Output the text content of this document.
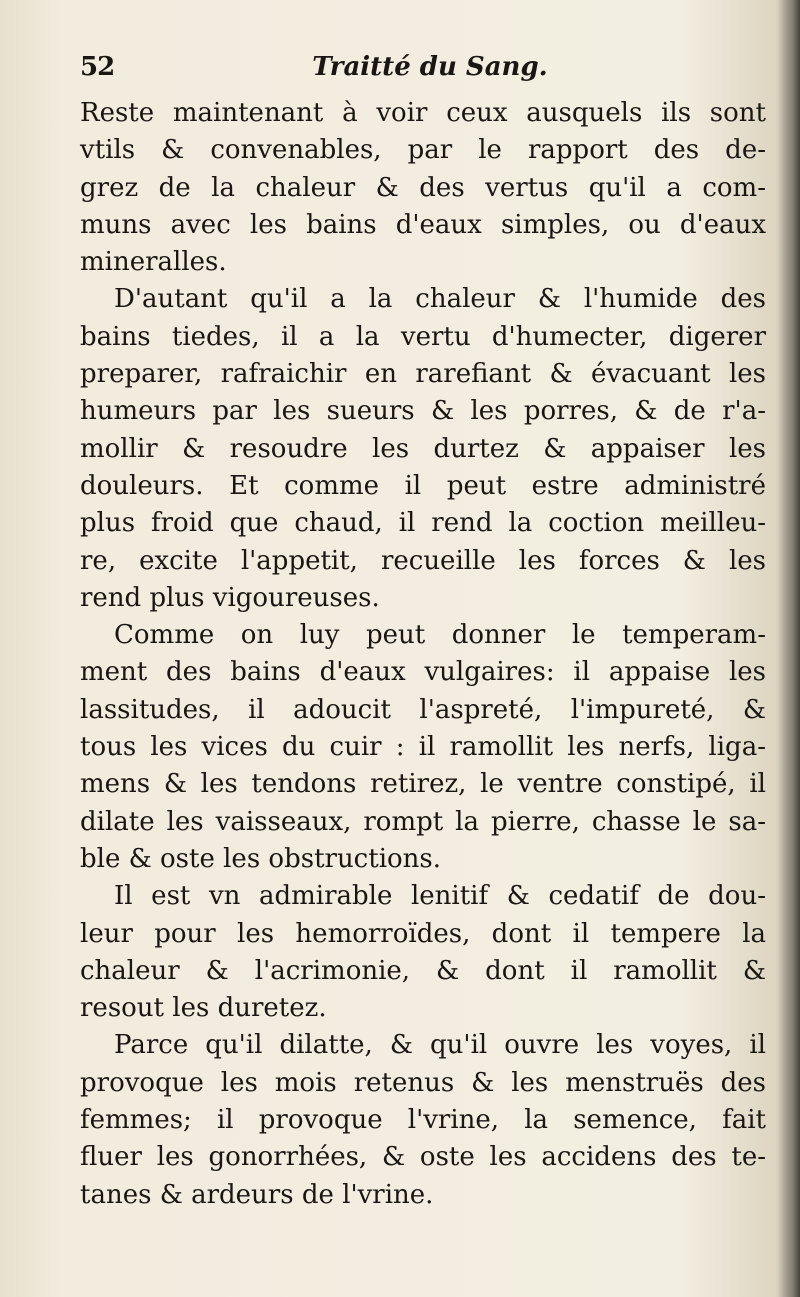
52	Traitté du Sang.
Reste maintenant à voir ceux ausquels ils sont
vtils & convenables, par le rapport des de-
grez de la chaleur & des vertus qu'il a com-
muns avec les bains d'eaux simples, ou d'eaux
mineralles.
D'autant qu'il a la chaleur & l'humide des
bains tiedes, il a la vertu d'humecter, digerer
preparer, rafraichir en rarefiant & évacuant les
humeurs par les sueurs & les porres, & de r'a-
mollir & resoudre les durtez & appaiser les
douleurs. Et comme il peut estre administré
plus froid que chaud, il rend la coction meilleu-
re, excite l'appetit, recueille les forces & les
rend plus vigoureuses.
Comme on luy peut donner le temperam-
ment des bains d'eaux vulgaires: il appaise les
lassitudes, il adoucit l'aspreté, l'impureté, &
tous les vices du cuir : il ramollit les nerfs, liga-
mens & les tendons retirez, le ventre constipé, il
dilate les vaisseaux, rompt la pierre, chasse le sa-
ble & oste les obstructions.
Il est vn admirable lenitif & cedatif de dou-
leur pour les hemorroïdes, dont il tempere la
chaleur & l'acrimonie, & dont il ramollit &
resout les duretez.
Parce qu'il dilatte, & qu'il ouvre les voyes, il
provoque les mois retenus & les menstruës des
femmes; il provoque l'vrine, la semence, fait
fluer les gonorrhées, & oste les accidens des te-
tanes & ardeurs de l'vrine.
